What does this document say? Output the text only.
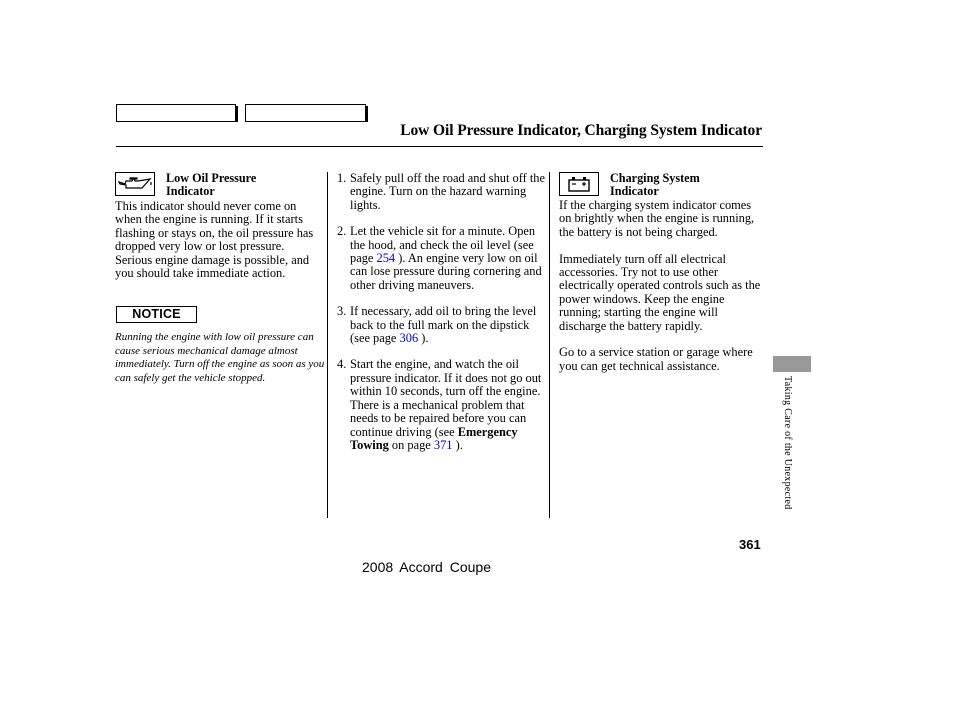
Low Oil Pressure Indicator, Charging System Indicator
Low Oil Pressure Indicator
This indicator should never come on when the engine is running. If it starts flashing or stays on, the oil pressure has dropped very low or lost pressure. Serious engine damage is possible, and you should take immediate action.
NOTICE
Running the engine with low oil pressure can cause serious mechanical damage almost immediately. Turn off the engine as soon as you can safely get the vehicle stopped.
1. Safely pull off the road and shut off the engine. Turn on the hazard warning lights.
2. Let the vehicle sit for a minute. Open the hood, and check the oil level (see page 254 ). An engine very low on oil can lose pressure during cornering and other driving maneuvers.
3. If necessary, add oil to bring the level back to the full mark on the dipstick (see page 306 ).
4. Start the engine, and watch the oil pressure indicator. If it does not go out within 10 seconds, turn off the engine. There is a mechanical problem that needs to be repaired before you can continue driving (see Emergency Towing on page 371 ).
Charging System Indicator

If the charging system indicator comes on brightly when the engine is running, the battery is not being charged.

Immediately turn off all electrical accessories. Try not to use other electrically operated controls such as the power windows. Keep the engine running; starting the engine will discharge the battery rapidly.

Go to a service station or garage where you can get technical assistance.

Taking Care of the Unexpected
361
2008 Accord Coupe
